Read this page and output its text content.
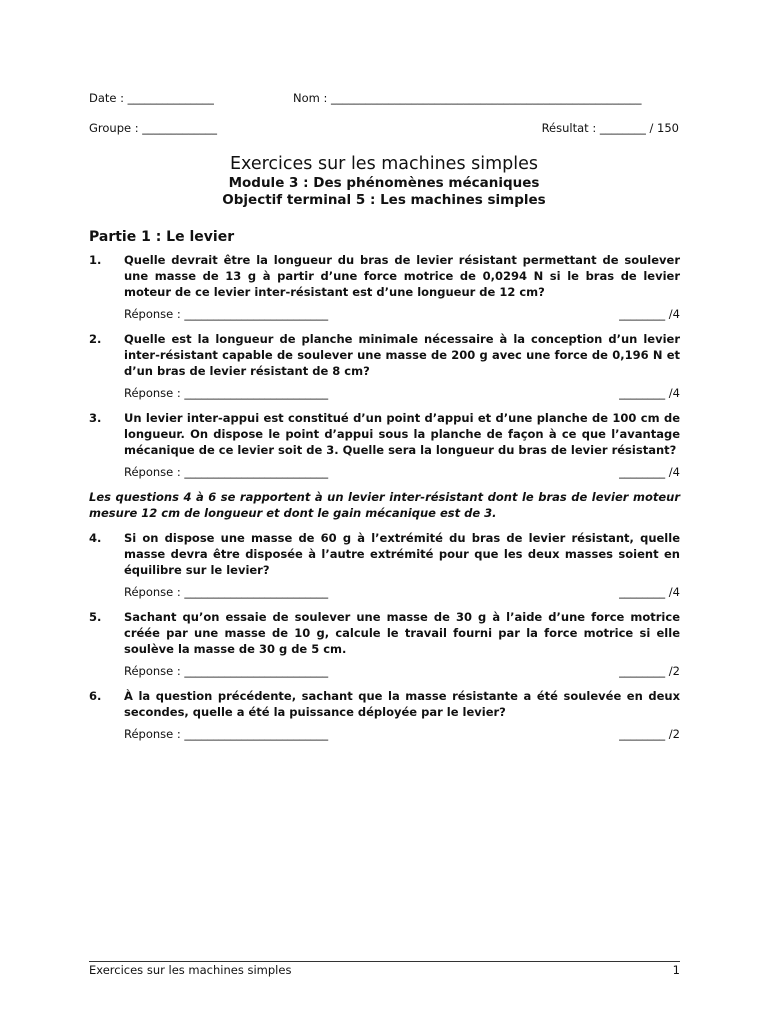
Date : _______________	Nom : ______________________________________________________
Groupe : _____________	Résultat : ________ / 150
Exercices sur les machines simples
Module 3 : Des phénomènes mécaniques
Objectif terminal 5 : Les machines simples
Partie 1 : Le levier
1. Quelle devrait être la longueur du bras de levier résistant permettant de soulever une masse de 13 g à partir d’une force motrice de 0,0294 N si le bras de levier moteur de ce levier inter-résistant est d’une longueur de 12 cm?
Réponse : _________________________	________ /4
2. Quelle est la longueur de planche minimale nécessaire à la conception d’un levier inter-résistant capable de soulever une masse de 200 g avec une force de 0,196 N et d’un bras de levier résistant de 8 cm?
Réponse : _________________________	________ /4
3. Un levier inter-appui est constitué d’un point d’appui et d’une planche de 100 cm de longueur. On dispose le point d’appui sous la planche de façon à ce que l’avantage mécanique de ce levier soit de 3. Quelle sera la longueur du bras de levier résistant?
Réponse : _________________________	________ /4
Les questions 4 à 6 se rapportent à un levier inter-résistant dont le bras de levier moteur mesure 12 cm de longueur et dont le gain mécanique est de 3.
4. Si on dispose une masse de 60 g à l’extrémité du bras de levier résistant, quelle masse devra être disposée à l’autre extrémité pour que les deux masses soient en équilibre sur le levier?
Réponse : _________________________	________ /4
5. Sachant qu’on essaie de soulever une masse de 30 g à l’aide d’une force motrice créée par une masse de 10 g, calcule le travail fourni par la force motrice si elle soulève la masse de 30 g de 5 cm.
Réponse : _________________________	________ /2
6. À la question précédente, sachant que la masse résistante a été soulevée en deux secondes, quelle a été la puissance déployée par le levier?
Réponse : _________________________	________ /2
Exercices sur les machines simples	1
